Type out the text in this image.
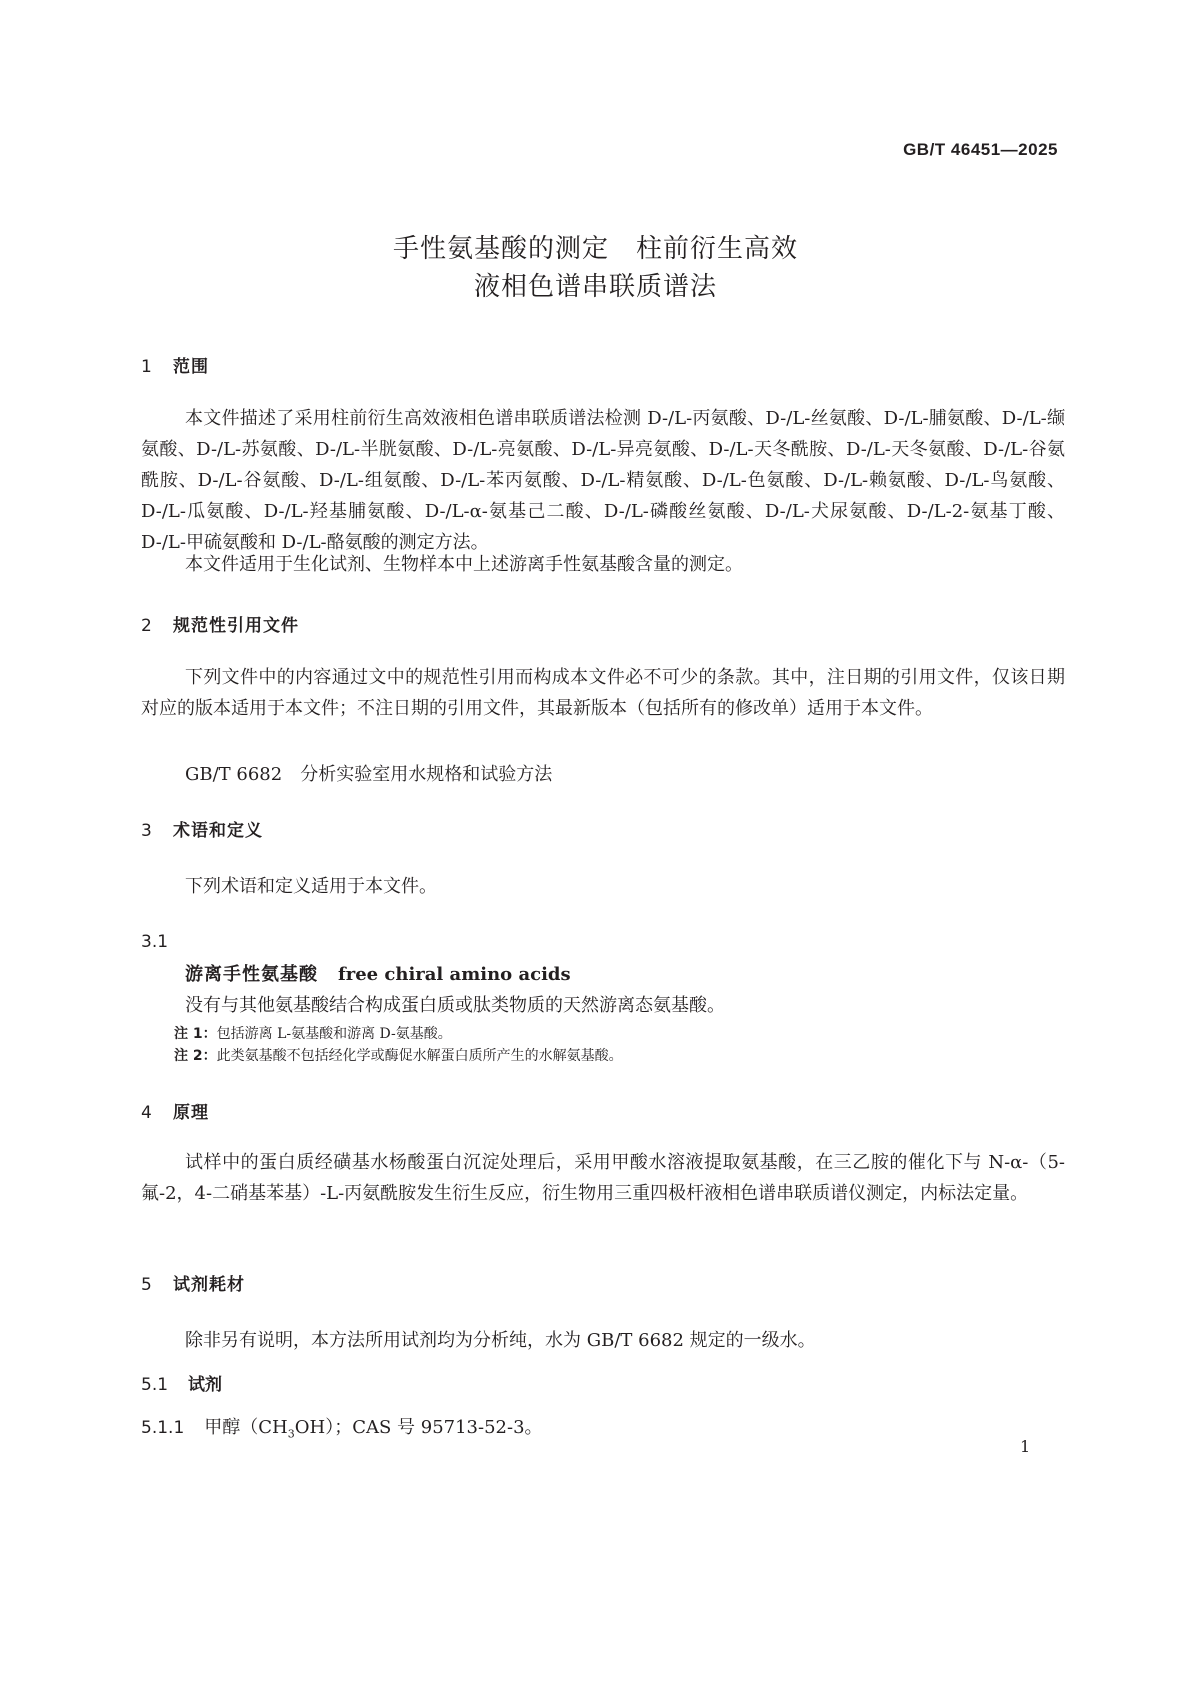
GB/T 46451—2025
手性氨基酸的测定　柱前衍生高效
液相色谱串联质谱法
1 范围
本文件描述了采用柱前衍生高效液相色谱串联质谱法检测 D-/L-丙氨酸、D-/L-丝氨酸、D-/L-脯氨酸、D-/L-缬氨酸、D-/L-苏氨酸、D-/L-半胱氨酸、D-/L-亮氨酸、D-/L-异亮氨酸、D-/L-天冬酰胺、D-/L-天冬氨酸、D-/L-谷氨酰胺、D-/L-谷氨酸、D-/L-组氨酸、D-/L-苯丙氨酸、D-/L-精氨酸、D-/L-色氨酸、D-/L-赖氨酸、D-/L-鸟氨酸、D-/L-瓜氨酸、D-/L-羟基脯氨酸、D-/L-α-氨基己二酸、D-/L-磷酸丝氨酸、D-/L-犬尿氨酸、D-/L-2-氨基丁酸、D-/L-甲硫氨酸和 D-/L-酪氨酸的测定方法。
本文件适用于生化试剂、生物样本中上述游离手性氨基酸含量的测定。
2 规范性引用文件
下列文件中的内容通过文中的规范性引用而构成本文件必不可少的条款。其中，注日期的引用文件，仅该日期对应的版本适用于本文件；不注日期的引用文件，其最新版本（包括所有的修改单）适用于本文件。
GB/T 6682　分析实验室用水规格和试验方法
3 术语和定义
下列术语和定义适用于本文件。
3.1
游离手性氨基酸 free chiral amino acids
没有与其他氨基酸结合构成蛋白质或肽类物质的天然游离态氨基酸。
注 1：包括游离 L-氨基酸和游离 D-氨基酸。
注 2：此类氨基酸不包括经化学或酶促水解蛋白质所产生的水解氨基酸。
4 原理
试样中的蛋白质经磺基水杨酸蛋白沉淀处理后，采用甲酸水溶液提取氨基酸，在三乙胺的催化下与 N-α-（5-氟-2，4-二硝基苯基）-L-丙氨酰胺发生衍生反应，衍生物用三重四极杆液相色谱串联质谱仪测定，内标法定量。
5 试剂耗材
除非另有说明，本方法所用试剂均为分析纯，水为 GB/T 6682 规定的一级水。
5.1 试剂
5.1.1 甲醇$(CH_3OH)$；CAS 号 95713-52-3。
1
